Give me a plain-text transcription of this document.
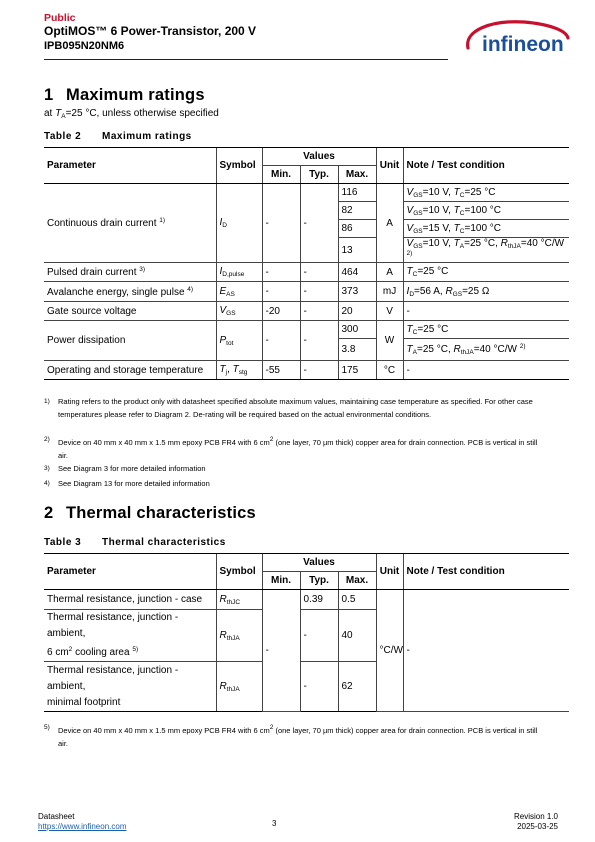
Public
OptiMOS™ 6 Power-Transistor, 200 V
IPB095N20NM6	infineon
1 Maximum ratings
at $T_A=25$ °C, unless otherwise specified
Table 2 Maximum ratings
Parameter	Symbol	Values			Unit	Note / Test condition
		Min.	Typ.	Max.		
Continuous drain current $^{1)}$	$I_D$	-	-	116	A	$V_{GS}=10$ V, $T_C=25$ °C
				82		$V_{GS}=10$ V, $T_C=100$ °C
				86		$V_{GS}=15$ V, $T_C=100$ °C
				13		$V_{GS}=10$ V, $T_A=25$ °C, $R_{thJA}=40$ °C/W $^{2)}$
Pulsed drain current $^{3)}$	$I_{D,pulse}$	-	-	464	A	$T_C=25$ °C
Avalanche energy, single pulse $^{4)}$	$E_{AS}$	-	-	373	mJ	$I_D=56$ A, $R_{GS}=25$ Ω
Gate source voltage	$V_{GS}$	-20	-	20	V	-
Power dissipation	$P_{tot}$	-	-	300	W	$T_C=25$ °C
				3.8		$T_A=25$ °C, $R_{thJA}=40$ °C/W $^{2)}$
Operating and storage temperature	$T_j$, $T_{stg}$	-55	-	175	°C	-
$^{1)}$ Rating refers to the product only with datasheet specified absolute maximum values, maintaining case temperature as specified. For other case temperatures please refer to Diagram 2. De-rating will be required based on the actual environmental conditions.
$^{2)}$ Device on 40 mm x 40 mm x 1.5 mm epoxy PCB FR4 with 6 $cm^2$ (one layer, 70 µm thick) copper area for drain connection. PCB is vertical in still air.
$^{3)}$ See Diagram 3 for more detailed information
$^{4)}$ See Diagram 13 for more detailed information
2 Thermal characteristics
Table 3 Thermal characteristics
Parameter	Symbol	Values			Unit	Note / Test condition
		Min.	Typ.	Max.		
Thermal resistance, junction - case	$R_{thJC}$	-	0.39	0.5	°C/W	-
Thermal resistance, junction -
ambient,
6 $cm^2$ cooling area $^{5)}$	$R_{thJA}$		-	40		
Thermal resistance, junction -
ambient,
minimal footprint	$R_{thJA}$		-	62		
$^{5)}$ Device on 40 mm x 40 mm x 1.5 mm epoxy PCB FR4 with 6 $cm^2$ (one layer, 70 µm thick) copper area for drain connection. PCB is vertical in still air.
Datasheet
https://www.infineon.com	3
Revision 1.0
2025-03-25
